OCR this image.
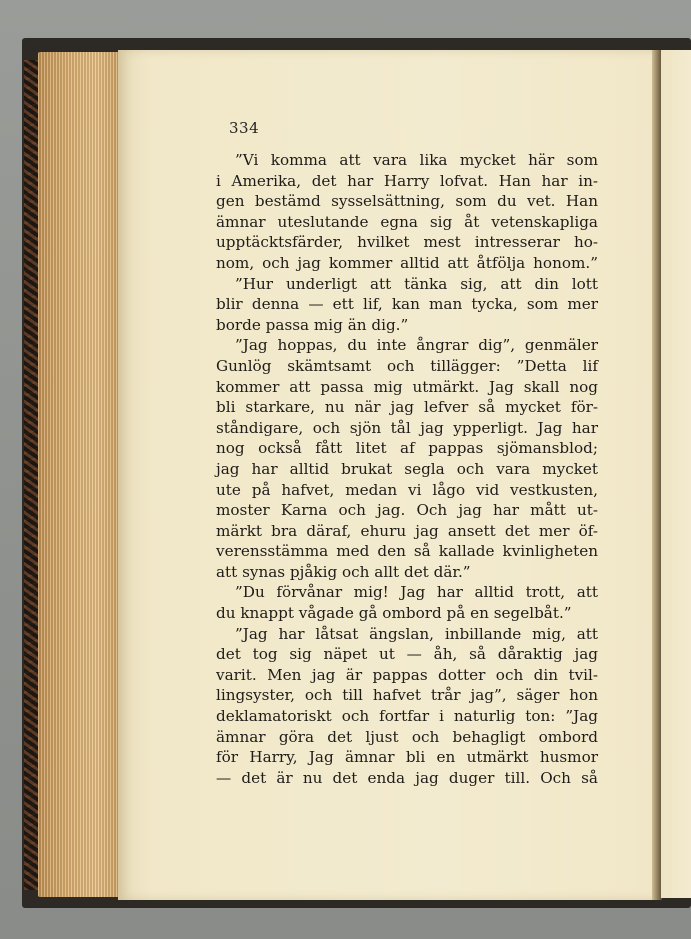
334
”Vi komma att vara lika mycket här som
i Amerika, det har Harry lofvat. Han har in-
gen bestämd sysselsättning, som du vet. Han
ämnar uteslutande egna sig åt vetenskapliga
upptäcktsfärder, hvilket mest intresserar ho-
nom, och jag kommer alltid att åtfölja honom.”
”Hur underligt att tänka sig, att din lott
blir denna — ett lif, kan man tycka, som mer
borde passa mig än dig.”
”Jag hoppas, du inte ångrar dig”, genmäler
Gunlög skämtsamt och tillägger: ”Detta lif
kommer att passa mig utmärkt. Jag skall nog
bli starkare, nu när jag lefver så mycket för-
ståndigare, och sjön tål jag ypperligt. Jag har
nog också fått litet af pappas sjömansblod;
jag har alltid brukat segla och vara mycket
ute på hafvet, medan vi lågo vid vestkusten,
moster Karna och jag. Och jag har mått ut-
märkt bra däraf, ehuru jag ansett det mer öf-
verensstämma med den så kallade kvinligheten
att synas pjåkig och allt det där.”
”Du förvånar mig! Jag har alltid trott, att
du knappt vågade gå ombord på en segelbåt.”
”Jag har låtsat ängslan, inbillande mig, att
det tog sig näpet ut — åh, så dåraktig jag
varit. Men jag är pappas dotter och din tvil-
lingsyster, och till hafvet trår jag”, säger hon
deklamatoriskt och fortfar i naturlig ton: ”Jag
ämnar göra det ljust och behagligt ombord
för Harry, Jag ämnar bli en utmärkt husmor
— det är nu det enda jag duger till. Och så
